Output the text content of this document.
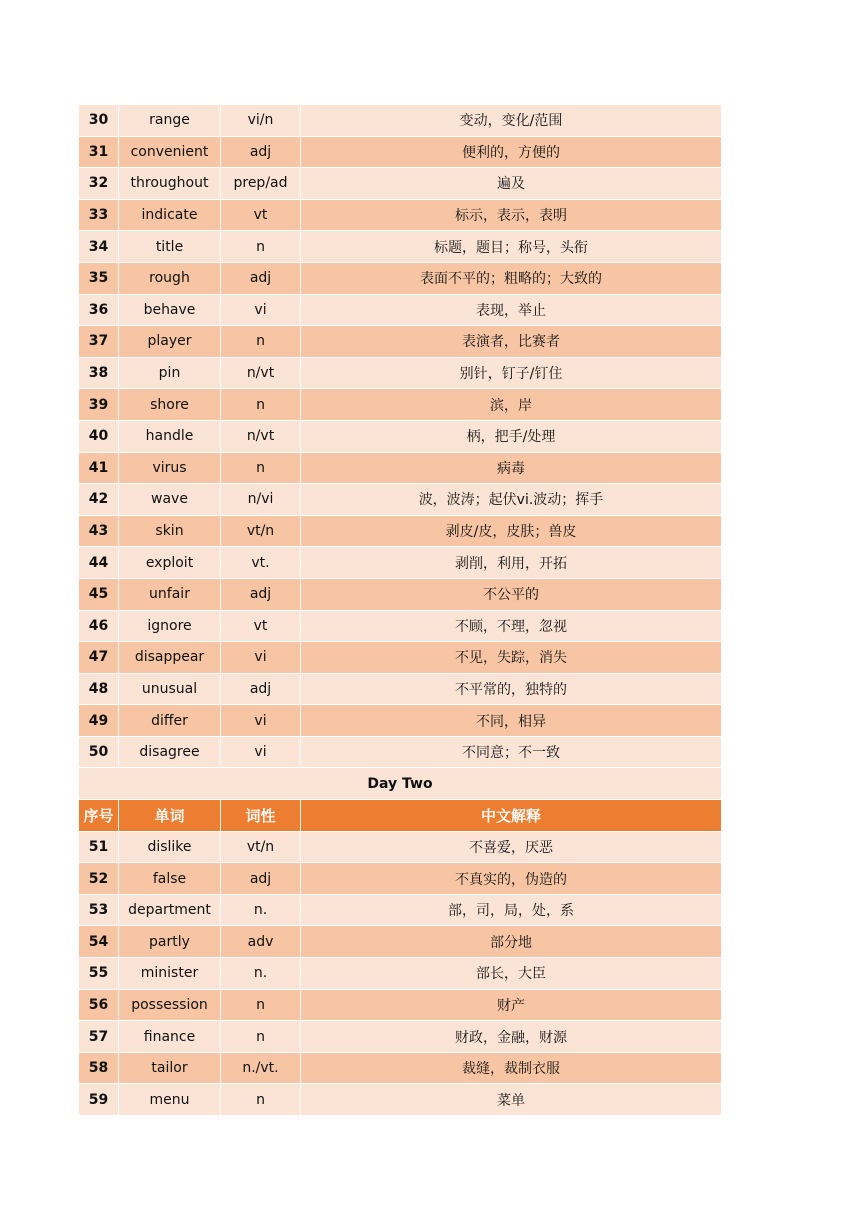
30	range	vi/n	变动，变化/范围
31	convenient	adj	便利的，方便的
32	throughout	prep/ad	遍及
33	indicate	vt	标示，表示，表明
34	title	n	标题，题目；称号，头衔
35	rough	adj	表面不平的；粗略的；大致的
36	behave	vi	表现，举止
37	player	n	表演者，比赛者
38	pin	n/vt	别针，钉子/钉住
39	shore	n	滨，岸
40	handle	n/vt	柄，把手/处理
41	virus	n	病毒
42	wave	n/vi	波，波涛；起伏vi.波动；挥手
43	skin	vt/n	剥皮/皮，皮肤；兽皮
44	exploit	vt.	剥削，利用，开拓
45	unfair	adj	不公平的
46	ignore	vt	不顾，不理，忽视
47	disappear	vi	不见，失踪，消失
48	unusual	adj	不平常的，独特的
49	differ	vi	不同，相异
50	disagree	vi	不同意；不一致
Day Two			
序号	单词	词性	中文解释
51	dislike	vt/n	不喜爱，厌恶
52	false	adj	不真实的，伪造的
53	department	n.	部，司，局，处，系
54	partly	adv	部分地
55	minister	n.	部长，大臣
56	possession	n	财产
57	finance	n	财政，金融，财源
58	tailor	n./vt.	裁缝，裁制衣服
59	menu	n	菜单
